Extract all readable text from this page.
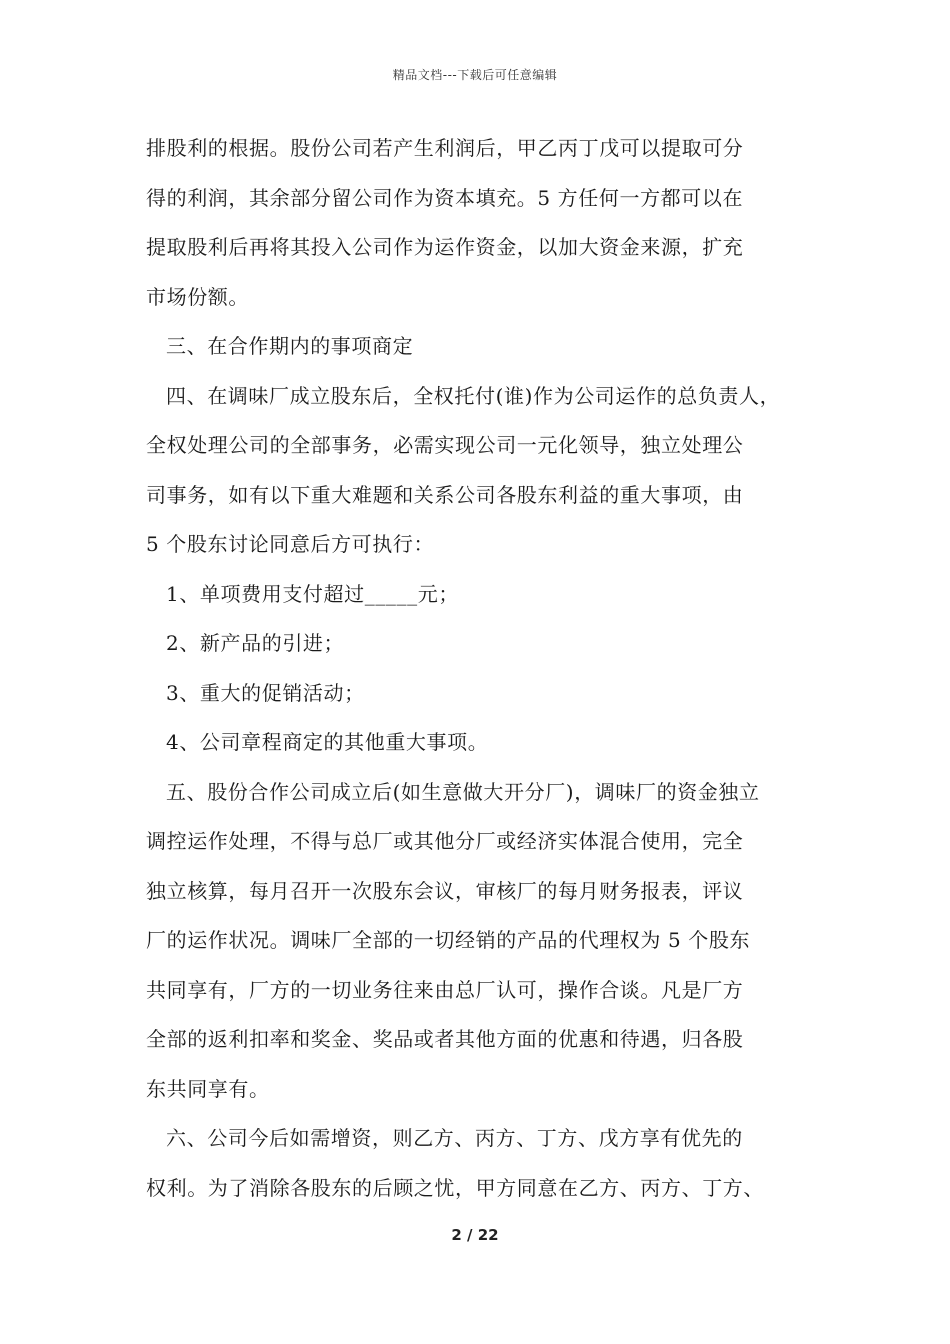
精品文档---下载后可任意编辑
排股利的根据。股份公司若产生利润后，甲乙丙丁戊可以提取可分
得的利润，其余部分留公司作为资本填充。5 方任何一方都可以在
提取股利后再将其投入公司作为运作资金，以加大资金来源，扩充
市场份额。
三、在合作期内的事项商定
四、在调味厂成立股东后，全权托付(谁)作为公司运作的总负责人，
全权处理公司的全部事务，必需实现公司一元化领导，独立处理公
司事务，如有以下重大难题和关系公司各股东利益的重大事项，由
5 个股东讨论同意后方可执行：
1、单项费用支付超过_____元；
2、新产品的引进；
3、重大的促销活动；
4、公司章程商定的其他重大事项。
五、股份合作公司成立后(如生意做大开分厂)，调味厂的资金独立
调控运作处理，不得与总厂或其他分厂或经济实体混合使用，完全
独立核算，每月召开一次股东会议，审核厂的每月财务报表，评议
厂的运作状况。调味厂全部的一切经销的产品的代理权为 5 个股东
共同享有，厂方的一切业务往来由总厂认可，操作合谈。凡是厂方
全部的返利扣率和奖金、奖品或者其他方面的优惠和待遇，归各股
东共同享有。
六、公司今后如需增资，则乙方、丙方、丁方、戊方享有优先的
权利。为了消除各股东的后顾之忧，甲方同意在乙方、丙方、丁方、
2 / 22
